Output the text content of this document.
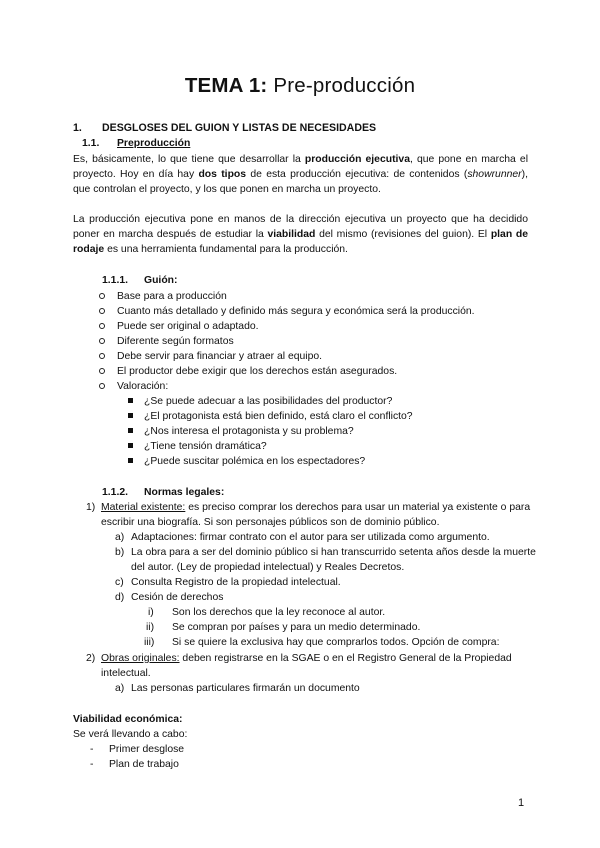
TEMA 1: Pre-producción
1. DESGLOSES DEL GUION Y LISTAS DE NECESIDADES
1.1. Preproducción
Es, básicamente, lo que tiene que desarrollar la producción ejecutiva, que pone en marcha el proyecto. Hoy en día hay dos tipos de esta producción ejecutiva: de contenidos (showrunner), que controlan el proyecto, y los que ponen en marcha un proyecto.
La producción ejecutiva pone en manos de la dirección ejecutiva un proyecto que ha decidido poner en marcha después de estudiar la viabilidad del mismo (revisiones del guion). El plan de rodaje es una herramienta fundamental para la producción.
1.1.1. Guión:
Base para a producción
Cuanto más detallado y definido más segura y económica será la producción.
Puede ser original o adaptado.
Diferente según formatos
Debe servir para financiar y atraer al equipo.
El productor debe exigir que los derechos están asegurados.
Valoración:
¿Se puede adecuar a las posibilidades del productor?
¿El protagonista está bien definido, está claro el conflicto?
¿Nos interesa el protagonista y su problema?
¿Tiene tensión dramática?
¿Puede suscitar polémica en los espectadores?
1.1.2. Normas legales:
1) Material existente: es preciso comprar los derechos para usar un material ya existente o para
escribir una biografía. Si son personajes públicos son de dominio público.
a) Adaptaciones: firmar contrato con el autor para ser utilizada como argumento.
b) La obra para a ser del dominio público si han transcurrido setenta años desde la muerte
del autor. (Ley de propiedad intelectual) y Reales Decretos.
c) Consulta Registro de la propiedad intelectual.
d) Cesión de derechos
i) Son los derechos que la ley reconoce al autor.
ii) Se compran por países y para un medio determinado.
iii) Si se quiere la exclusiva hay que comprarlos todos. Opción de compra:
2) Obras originales: deben registrarse en la SGAE o en el Registro General de la Propiedad
intelectual.
a) Las personas particulares firmarán un documento
Viabilidad económica:
Se verá llevando a cabo:
- Primer desglose
- Plan de trabajo
1
